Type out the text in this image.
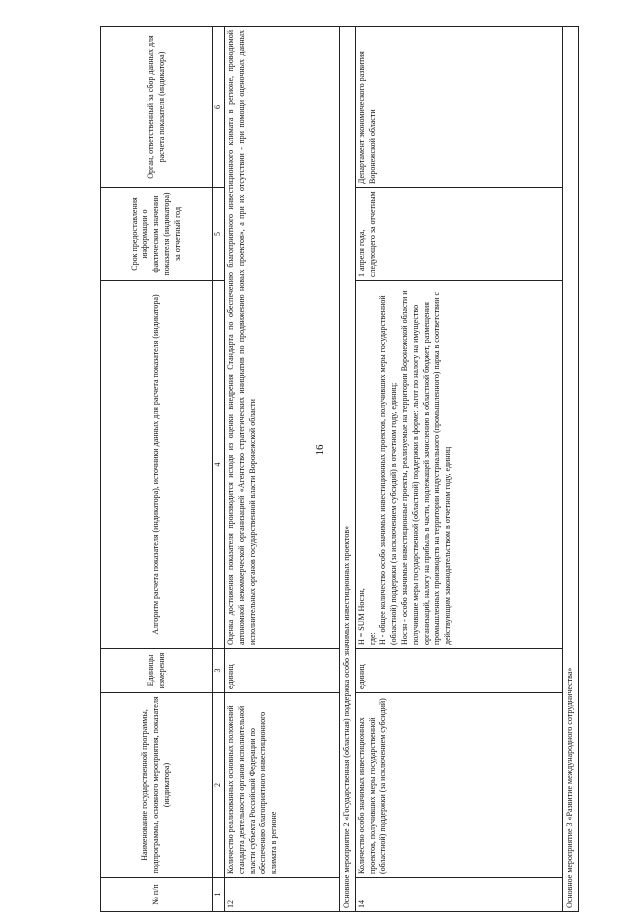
16
№ п/п	Наименование государственной программы, подпрограммы, основного мероприятия, показателя (индикатора)	Единицы измерения	Алгоритм расчета показателя (индикатора), источники данных для расчета показателя (индикатора)	Срок предоставления информации о фактическом значении показателя (индикатора) за отчетный год	Орган, ответственный за сбор данных для расчета показателя (индикатора)
1	2	3	4	5	6
12	Количество реализованных основных положений стандарта деятельности органов исполнительной власти субъекта Российской Федерации по обеспечению благоприятного инвестиционного климата в регионе	единиц	Оценка достижения показателя производится исходя из оценки внедрения Стандарта по обеспечению благоприятного инвестиционного климата в регионе, проводимой автономной некоммерческой организацией «Агентство стратегических инициатив по продвижению новых проектов», а при их отсутствии - при помощи оценочных данных исполнительных органов государственной власти Воронежской области		
Основное мероприятие 2 «Государственная (областная) поддержка особо значимых инвестиционных проектов»					
14	Количество особо значимых инвестиционных проектов, получивших меры государственной (областной) поддержки (за исключением субсидий)	единиц	Н = SUM Носзн, где: Н - общее количество особо значимых инвестиционных проектов, получивших меры государственной (областной) поддержки (за исключением субсидий) в отчетном году, единиц; Носзн - особо значимые инвестиционные проекты, реализуемые на территории Воронежской области и получившие меры государственной (областной) поддержки в форме: льгот по налогу на имущество организаций, налогу на прибыль в части, подлежащей зачислению в областной бюджет, размещения промышленных производств на территории индустриального (промышленного) парка в соответствии с действующим законодательством в отчетном году, единиц	1 апреля года, следующего за отчетным	Департамент экономического развития Воронежской области
Основное мероприятие 3 «Развитие международного сотрудничества»					
